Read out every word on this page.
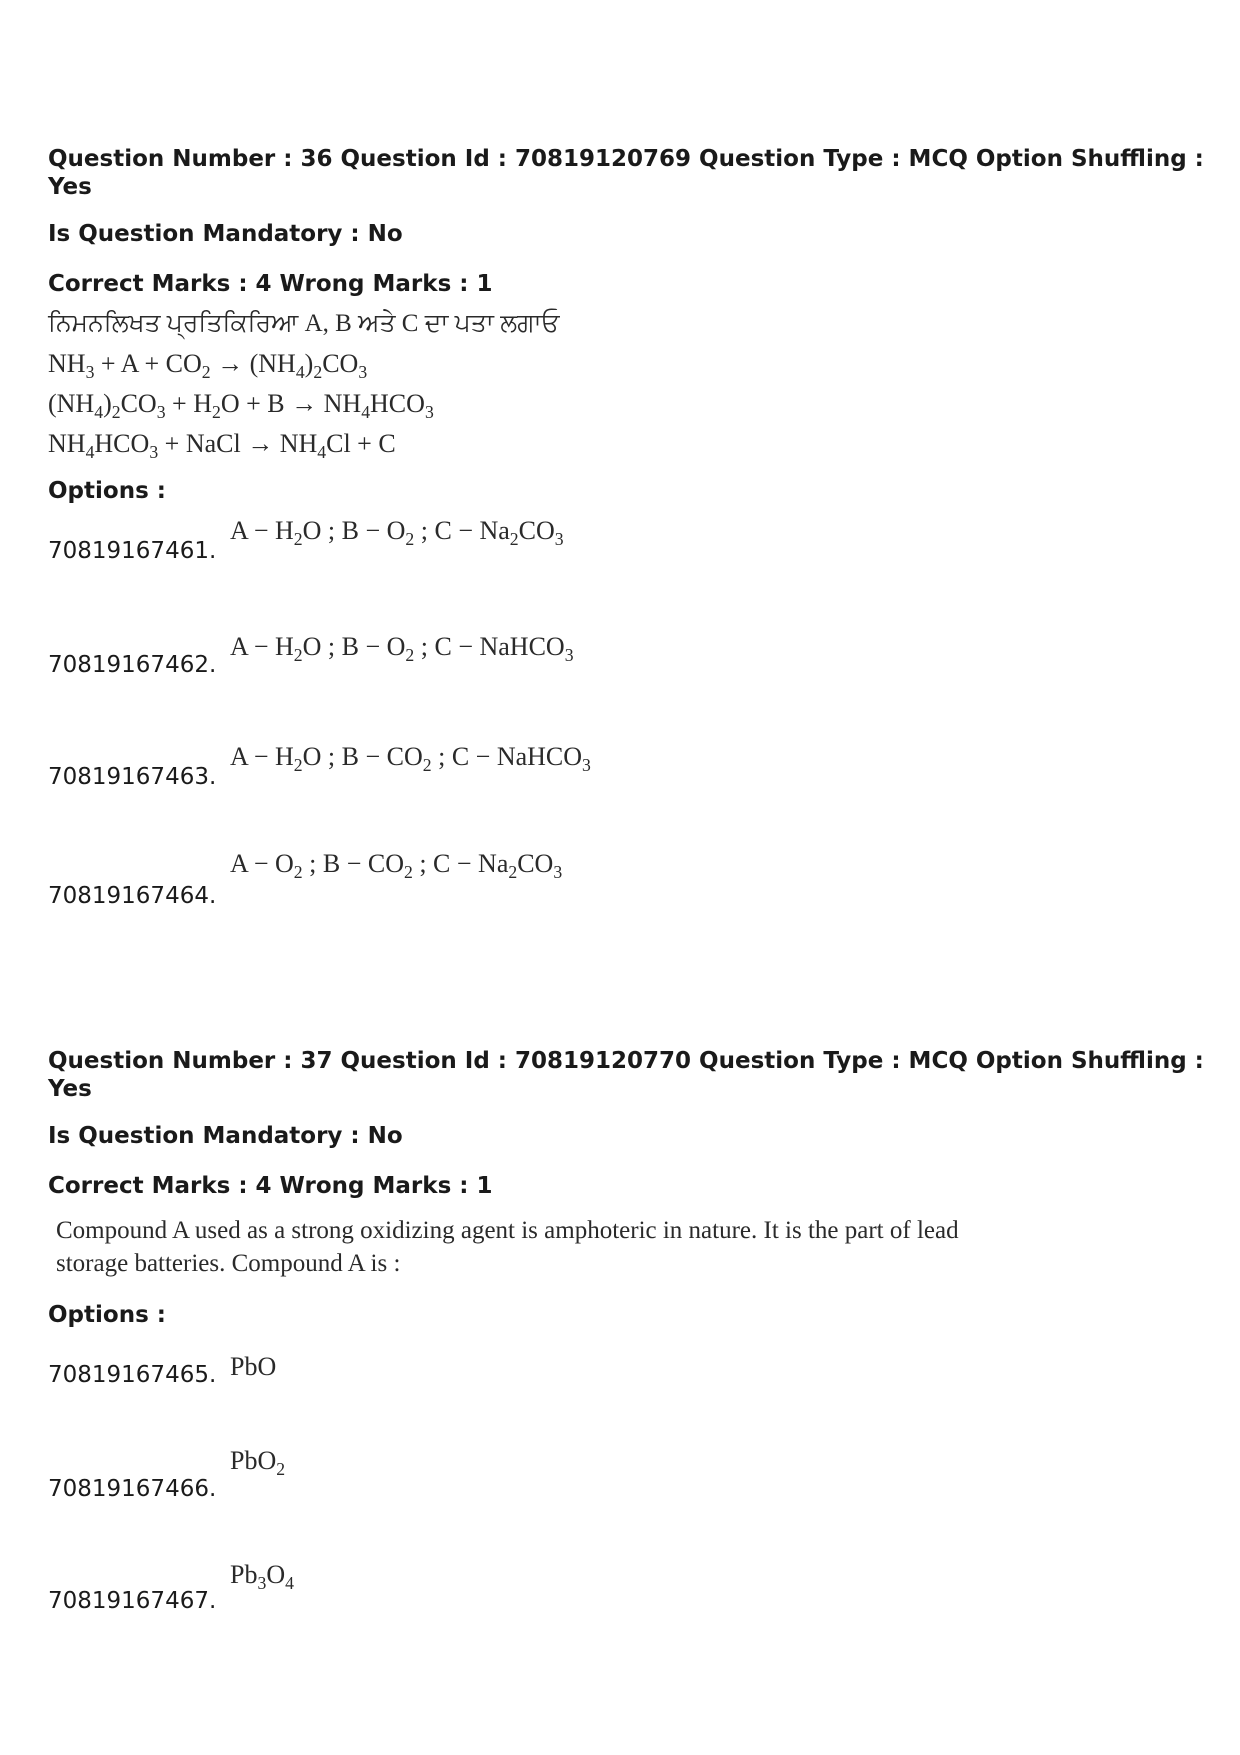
Question Number : 36 Question Id : 70819120769 Question Type : MCQ Option Shuffling : Yes

Is Question Mandatory : No

Correct Marks : 4 Wrong Marks : 1

ਨਿਮਨਲਿਖਤ ਪ੍ਰਤਿਕਿਰਿਆ A, B ਅਤੇ C ਦਾ ਪਤਾ ਲਗਾਓ
$NH_3 + A + CO_2 \to (NH_4)_2CO_3$
$(NH_4)_2CO_3 + H_2O + B \to NH_4HCO_3$
$NH_4HCO_3$ + NaCl → $NH_4Cl + C$

Options :

70819167461.
$A - H_2O$ ; $B - O_2$ ; $C - Na_2CO_3$
70819167462.
$A - H_2O$ ; $B - O_2$ ; C − NaHCO$_3$
70819167463.
$A - H_2O$ ; $B - CO_2$ ; C − NaHCO$_3$
70819167464.
$A - O_2$ ; $B - CO_2$ ; $C - Na_2CO_3$

Question Number : 37 Question Id : 70819120770 Question Type : MCQ Option Shuffling : Yes

Is Question Mandatory : No

Correct Marks : 4 Wrong Marks : 1

Compound A used as a strong oxidizing agent is amphoteric in nature. It is the part of lead
storage batteries. Compound A is :

Options :

70819167465. PbO
70819167466.
PbO$_2$
70819167467.
$Pb_3O_4$
